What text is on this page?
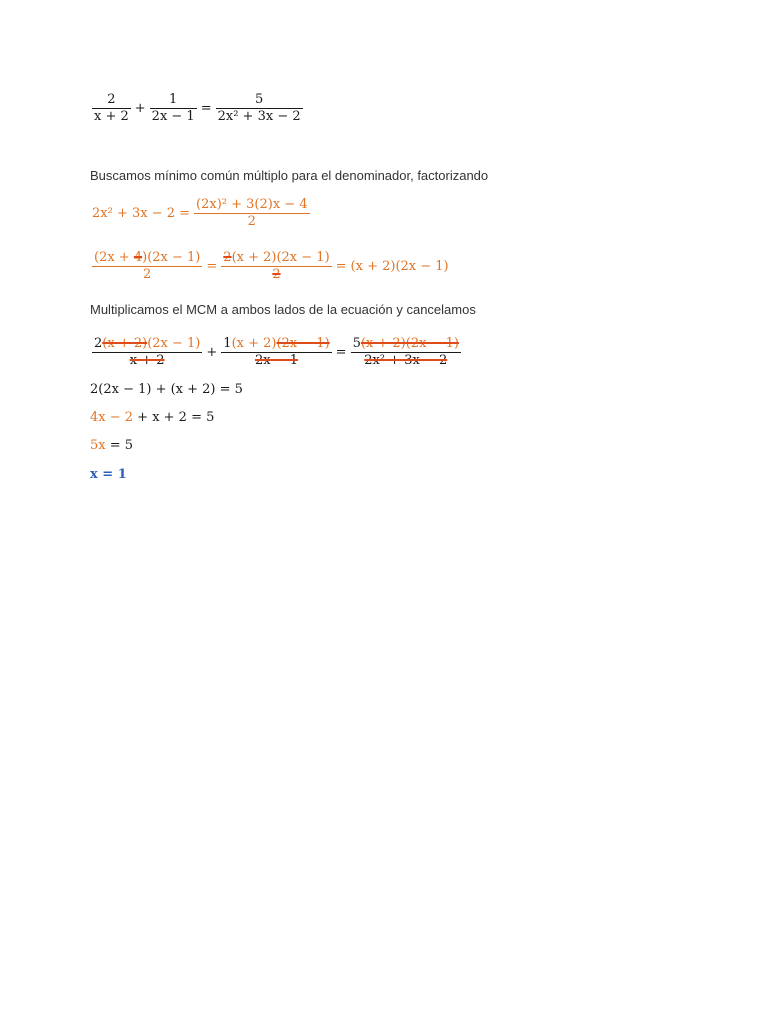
$\frac{2}{x + 2} + \frac{1}{2x - 1} = \frac{5}{\text{2x² + 3x − 2}}$
Buscamos mínimo común múltiplo para el denominador, factorizando
$2x^2 + 3x - 2 = \frac{\text{(2x)² + 3(2)x − 4}}{2}$
$\frac{(2x + 4)(2x - 1)}{2} = \frac{2(x + 2)(2x - 1)}{2} = (x + 2)(2x - 1)$
Multiplicamos el MCM a ambos lados de la ecuación y cancelamos
$\frac{2(x + 2)(2x - 1)}{x + 2} + \frac{1(x + 2)(2x - 1)}{2x - 1} = \frac{5(x + 2)(2x - 1)}{\text{2x² + 3x − 2}}$
2(2x − 1) + (x + 2) = 5
4x − 2 + x + 2 = 5
5x = 5
x = 1
